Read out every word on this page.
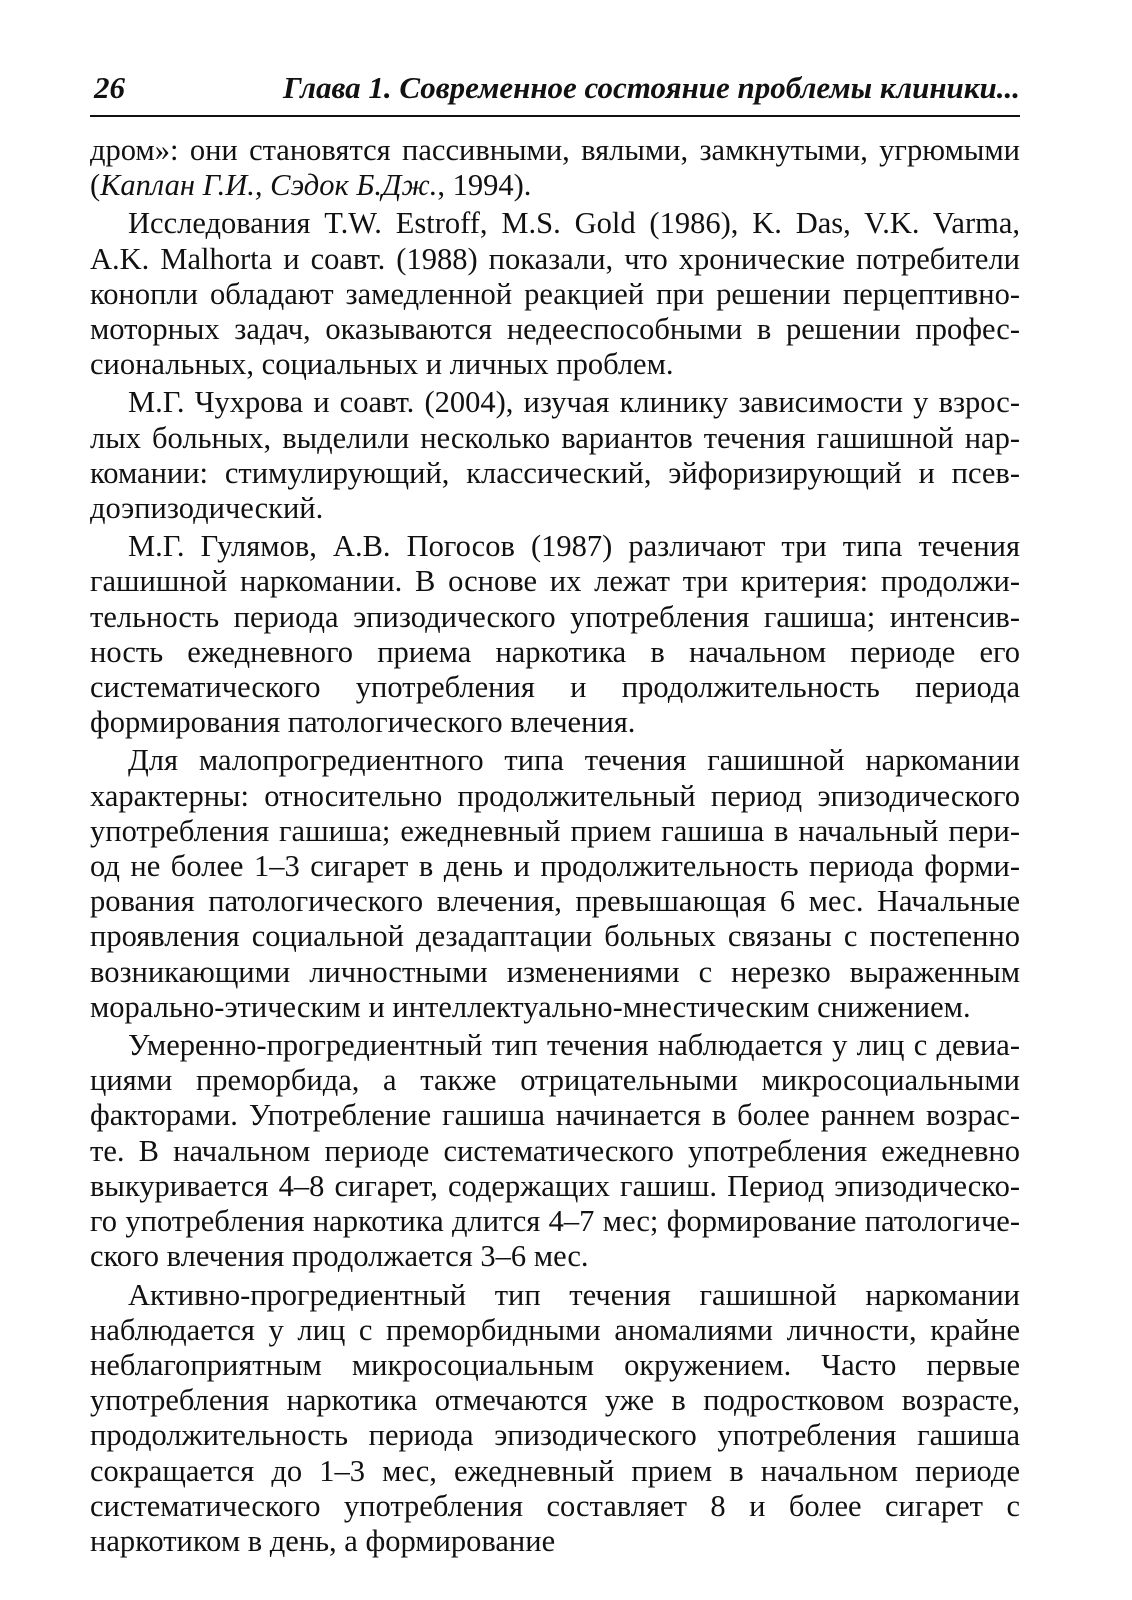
26	Глава 1. Современное состояние проблемы клиники...

дром»: они становятся пассивными, вялыми, замкнутыми, угрюмыми (Каплан Г.И., Сэдок Б.Дж., 1994).

Исследования T.W. Estroff, M.S. Gold (1986), K. Das, V.K. Varma, A.K. Malhorta и соавт. (1988) показали, что хронические потребители конопли обладают замедленной реакцией при решении перцептивномоторных задач, оказываются недееспособными в решении профессиональных, социальных и личных проблем.

М.Г. Чухрова и соавт. (2004), изучая клинику зависимости у взрослых больных, выделили несколько вариантов течения гашишной наркомании: стимулирующий, классический, эйфоризирующий и псевдоэпизодический.

М.Г. Гулямов, А.В. Погосов (1987) различают три типа течения гашишной наркомании. В основе их лежат три критерия: продолжительность периода эпизодического употребления гашиша; интенсивность ежедневного приема наркотика в начальном периоде его систематического употребления и продолжительность периода формирования патологического влечения.

Для малопрогредиентного типа течения гашишной наркомании характерны: относительно продолжительный период эпизодического употребления гашиша; ежедневный прием гашиша в начальный период не более 1–3 сигарет в день и продолжительность периода формирования патологического влечения, превышающая 6 мес. Начальные проявления социальной дезадаптации больных связаны с постепенно возникающими личностными изменениями с нерезко выраженным морально-этическим и интеллектуально-мнестическим снижением.

Умеренно-прогредиентный тип течения наблюдается у лиц с девиациями преморбида, а также отрицательными микросоциальными факторами. Употребление гашиша начинается в более раннем возрасте. В начальном периоде систематического употребления ежедневно выкуривается 4–8 сигарет, содержащих гашиш. Период эпизодического употребления наркотика длится 4–7 мес; формирование патологического влечения продолжается 3–6 мес.

Активно-прогредиентный тип течения гашишной наркомании наблюдается у лиц с преморбидными аномалиями личности, крайне неблагоприятным микросоциальным окружением. Часто первые употребления наркотика отмечаются уже в подростковом возрасте, продолжительность периода эпизодического употребления гашиша сокращается до 1–3 мес, ежедневный прием в начальном периоде систематического употребления составляет 8 и более сигарет с наркотиком в день, а формирование
